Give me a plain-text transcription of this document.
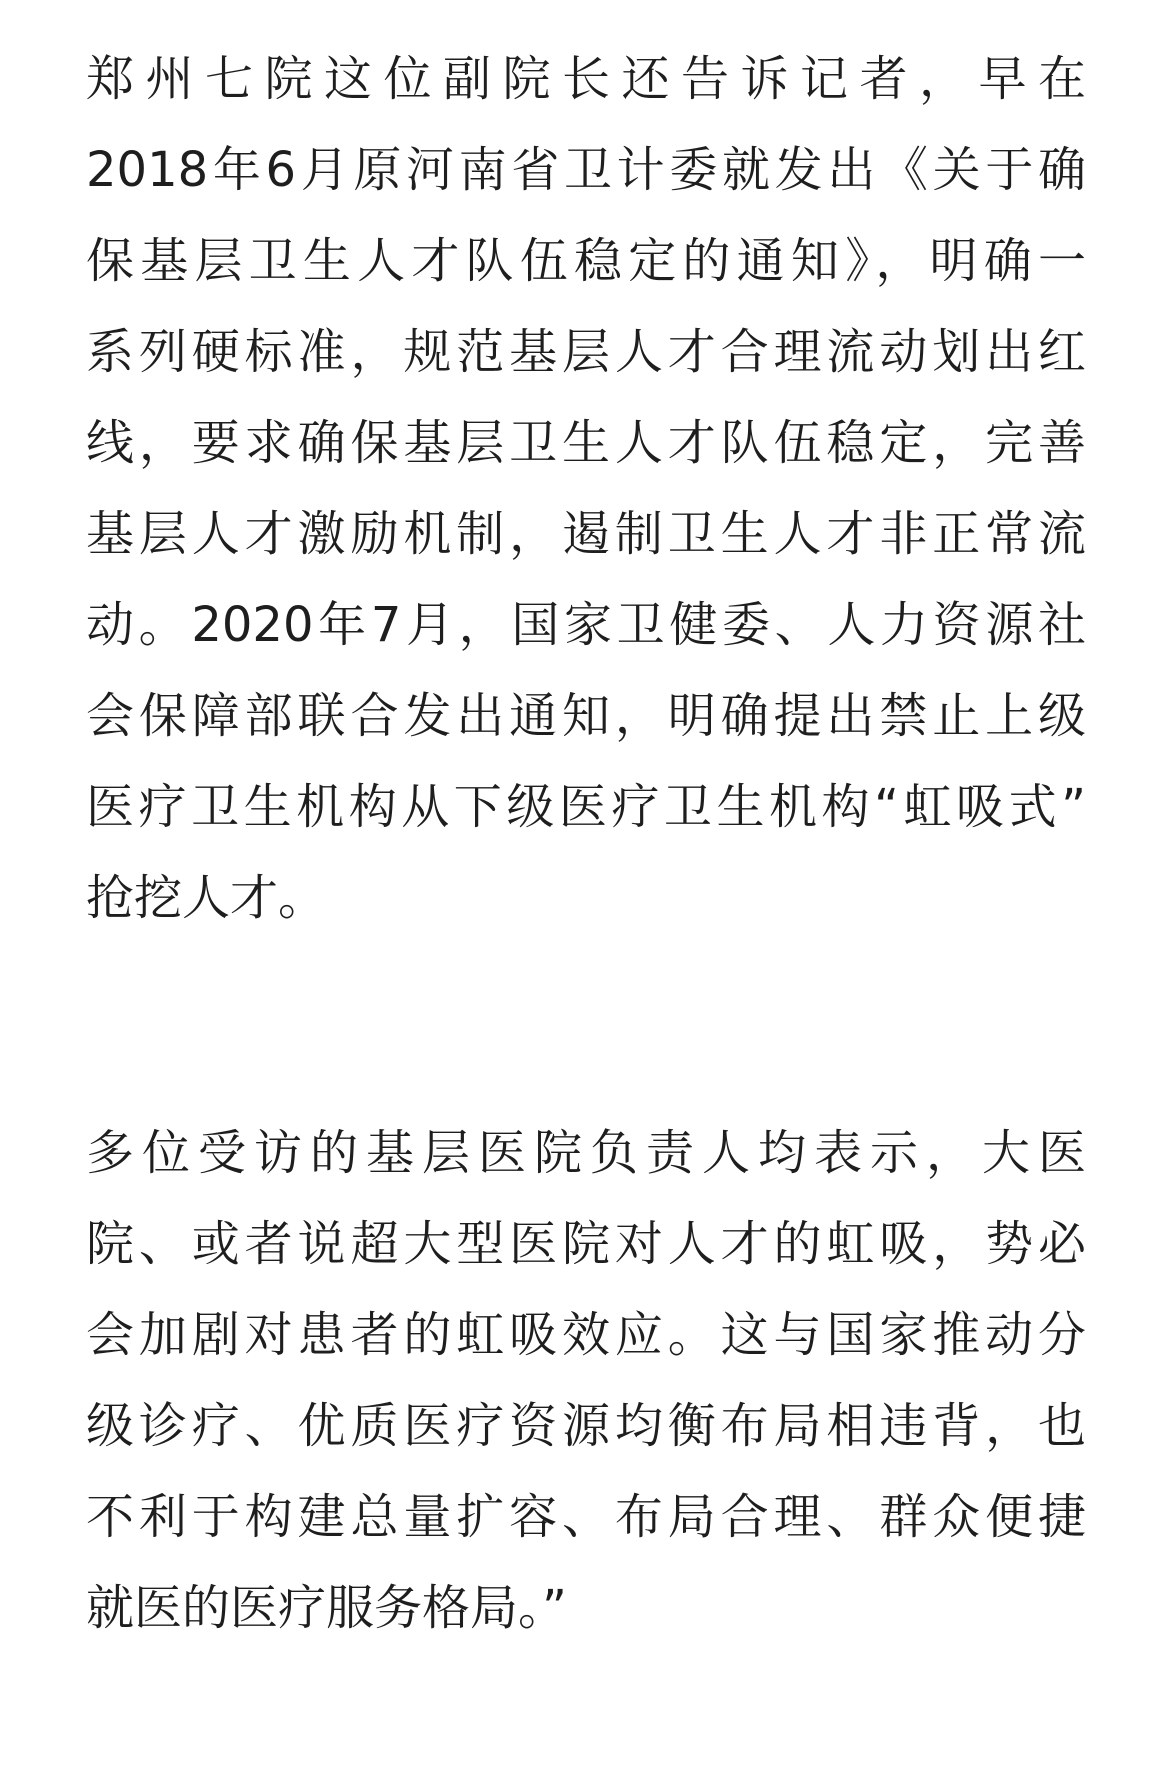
郑州七院这位副院长还告诉记者，早在
2018年6月原河南省卫计委就发出《关于确
保基层卫生人才队伍稳定的通知》，明确一
系列硬标准，规范基层人才合理流动划出红
线，要求确保基层卫生人才队伍稳定，完善
基层人才激励机制，遏制卫生人才非正常流
动。2020年7月，国家卫健委、人力资源社
会保障部联合发出通知，明确提出禁止上级
医疗卫生机构从下级医疗卫生机构“虹吸式”
抢挖人才。
多位受访的基层医院负责人均表示，大医
院、或者说超大型医院对人才的虹吸，势必
会加剧对患者的虹吸效应。这与国家推动分
级诊疗、优质医疗资源均衡布局相违背，也
不利于构建总量扩容、布局合理、群众便捷
就医的医疗服务格局。”
